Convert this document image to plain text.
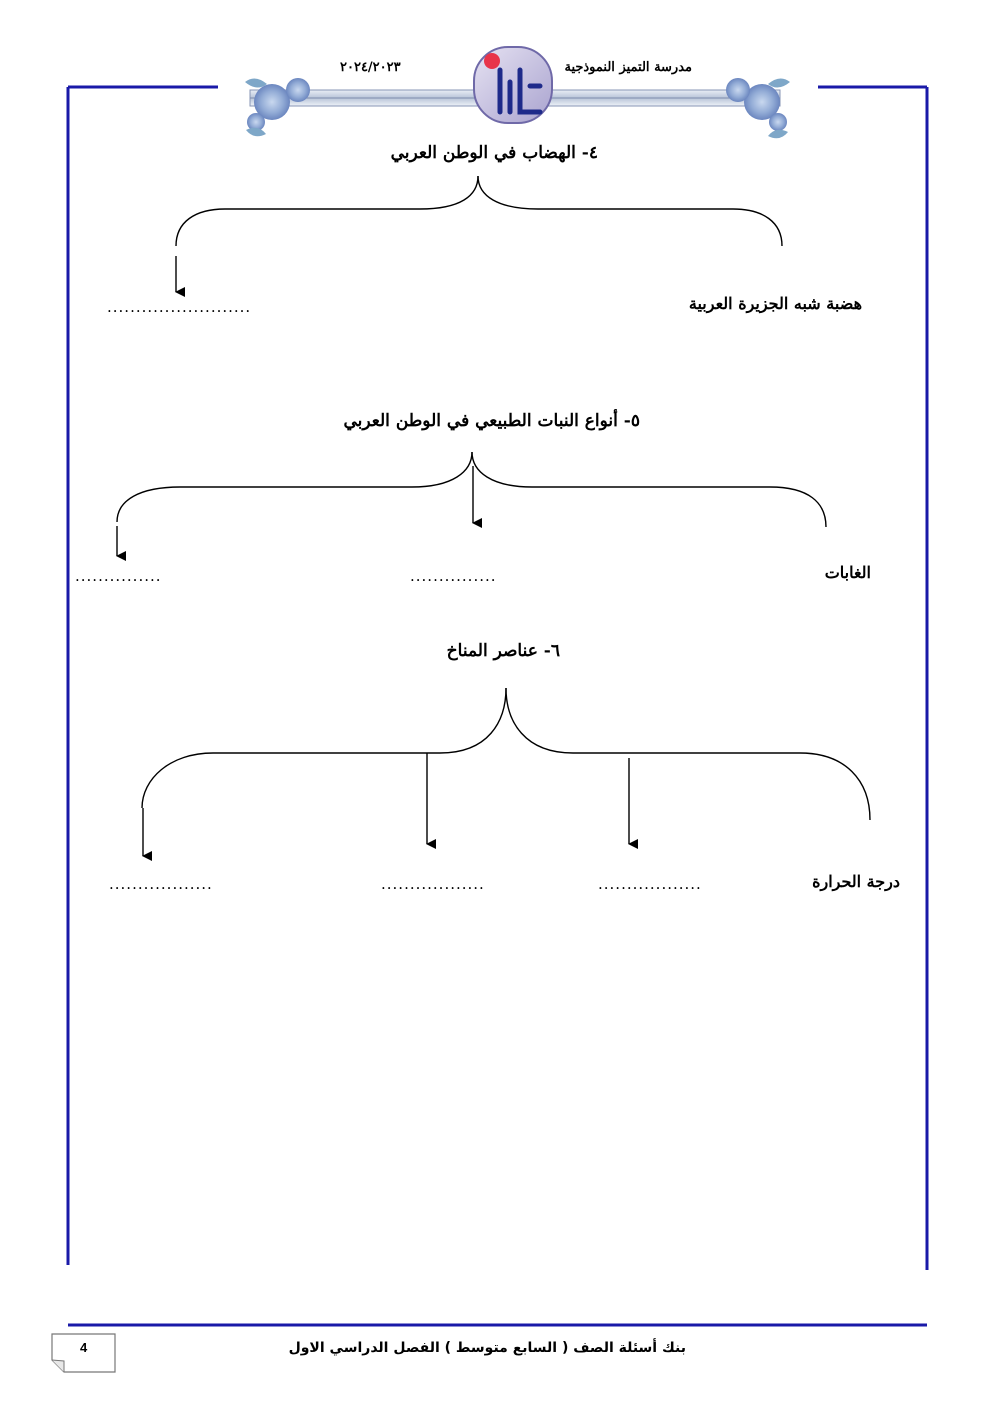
مدرسة التميز النموذجية
٢٠٢٤/٢٠٢٣
٤- الهضاب في الوطن العربي
هضبة شبه الجزيرة العربية
.........................
٥- أنواع النبات الطبيعي في الوطن العربي
الغابات
...............
...............
٦- عناصر المناخ
درجة الحرارة
..................
..................
..................
بنك أسئلة الصف ( السابع متوسط ) الفصل الدراسي الاول
4
